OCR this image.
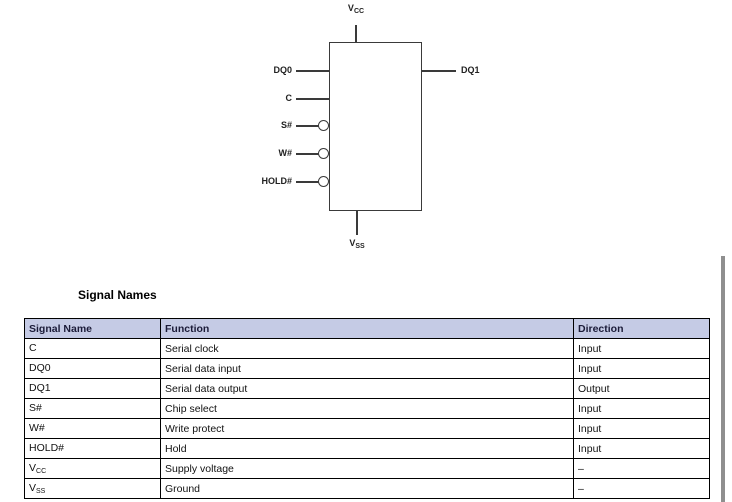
$V_{CC}$
$V_{SS}$
DQ0
C
S#
W#
HOLD#
DQ1
Signal Names
Signal Name	Function	Direction
C	Serial clock	Input
DQ0	Serial data input	Input
DQ1	Serial data output	Output
S#	Chip select	Input
W#	Write protect	Input
HOLD#	Hold	Input
$V_{CC}$	Supply voltage	–
$V_{SS}$	Ground	–
